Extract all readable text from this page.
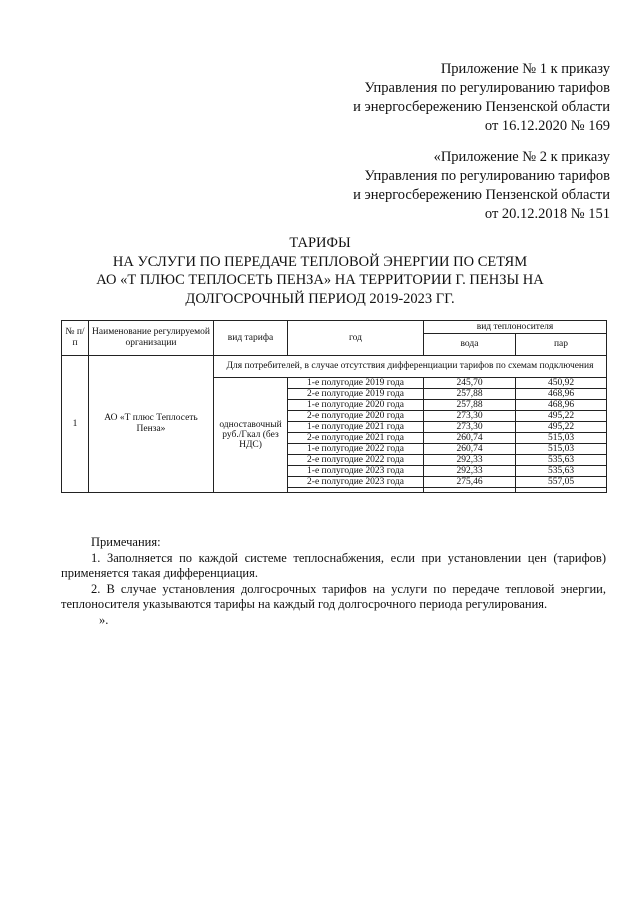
Приложение № 1 к приказу
Управления по регулированию тарифов
и энергосбережению Пензенской области
от 16.12.2020 № 169
«Приложение № 2 к приказу
Управления по регулированию тарифов
и энергосбережению Пензенской области
от 20.12.2018 № 151
ТАРИФЫ
НА УСЛУГИ ПО ПЕРЕДАЧЕ ТЕПЛОВОЙ ЭНЕРГИИ ПО СЕТЯМ
АО «Т ПЛЮС ТЕПЛОСЕТЬ ПЕНЗА» НА ТЕРРИТОРИИ Г. ПЕНЗЫ НА
ДОЛГОСРОЧНЫЙ ПЕРИОД 2019-2023 ГГ.
№ п/п	Наименование регулируемой организации	вид тарифа	год	вид теплоносителя	
				вода	пар
1	АО «Т плюс Теплосеть Пенза»	Для потребителей, в случае отсутствия дифференциации тарифов по схемам подключения			
		одноставочный руб./Гкал (без НДС)	1-е полугодие 2019 года	245,70	450,92
			2-е полугодие 2019 года	257,88	468,96
			1-е полугодие 2020 года	257,88	468,96
			2-е полугодие 2020 года	273,30	495,22
			1-е полугодие 2021 года	273,30	495,22
			2-е полугодие 2021 года	260,74	515,03
			1-е полугодие 2022 года	260,74	515,03
			2-е полугодие 2022 года	292,33	535,63
			1-е полугодие 2023 года	292,33	535,63
			2-е полугодие 2023 года	275,46	557,05

Примечания:

1. Заполняется по каждой системе теплоснабжения, если при установлении цен (тарифов) применяется такая дифференциация.

2. В случае установления долгосрочных тарифов на услуги по передаче тепловой энергии, теплоносителя указываются тарифы на каждый год долгосрочного периода регулирования.

».
